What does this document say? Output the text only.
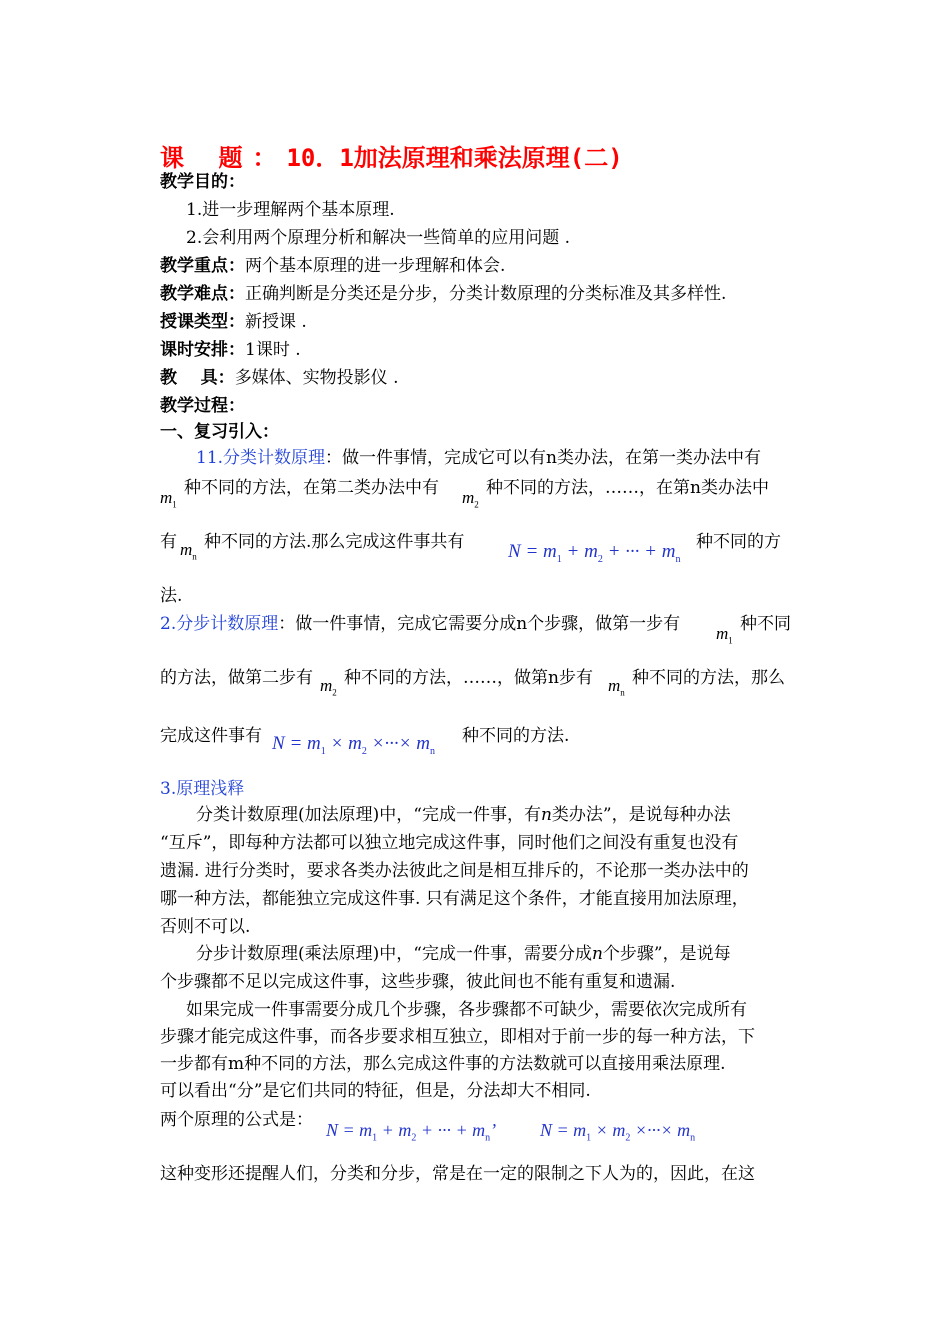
课 题：10．1加法原理和乘法原理(二)
教学目的：
1.进一步理解两个基本原理.
2.会利用两个原理分析和解决一些简单的应用问题 .
教学重点：两个基本原理的进一步理解和体会.
教学难点：正确判断是分类还是分步，分类计数原理的分类标准及其多样性.
授课类型：新授课 .
课时安排：1课时 .
教    具：多媒体、实物投影仪 .
教学过程：
一、复习引入：
11.分类计数原理：做一件事情，完成它可以有n类办法，在第一类办法中有
$m_1$
种不同的方法，在第二类办法中有 $m_2$
种不同的方法，……，在第n类办法中
有 $m_n$
种不同的方法.那么完成这件事共有 $N = m_1 + m_2$ + ··· + $m_n$
种不同的方
法.
2.分步计数原理：做一件事情，完成它需要分成n个步骤，做第一步有 $m_1$
种不同
的方法，做第二步有 $m_2$
种不同的方法，……，做第n步有 $m_n$
种不同的方法，那么
完成这件事有 $N = m_1 \times m_2$ ×···× $m_n$
种不同的方法.
3.原理浅释
分类计数原理(加法原理)中，“完成一件事，有n类办法”，是说每种办法
“互斥”，即每种方法都可以独立地完成这件事，同时他们之间没有重复也没有
遗漏. 进行分类时，要求各类办法彼此之间是相互排斥的，不论那一类办法中的
哪一种方法，都能独立完成这件事. 只有满足这个条件，才能直接用加法原理，
否则不可以.
分步计数原理(乘法原理)中，“完成一件事，需要分成n个步骤”，是说每
个步骤都不足以完成这件事，这些步骤，彼此间也不能有重复和遗漏.
如果完成一件事需要分成几个步骤，各步骤都不可缺少，需要依次完成所有
步骤才能完成这件事，而各步要求相互独立，即相对于前一步的每一种方法，下
一步都有m种不同的方法，那么完成这件事的方法数就可以直接用乘法原理.
可以看出“分”是它们共同的特征，但是，分法却大不相同.
两个原理的公式是： $N = m_1 + m_2$ + ··· + $m_n$’ $N = m_1 \times m_2$ ×···× $m_n$
这种变形还提醒人们，分类和分步，常是在一定的限制之下人为的，因此，在这
